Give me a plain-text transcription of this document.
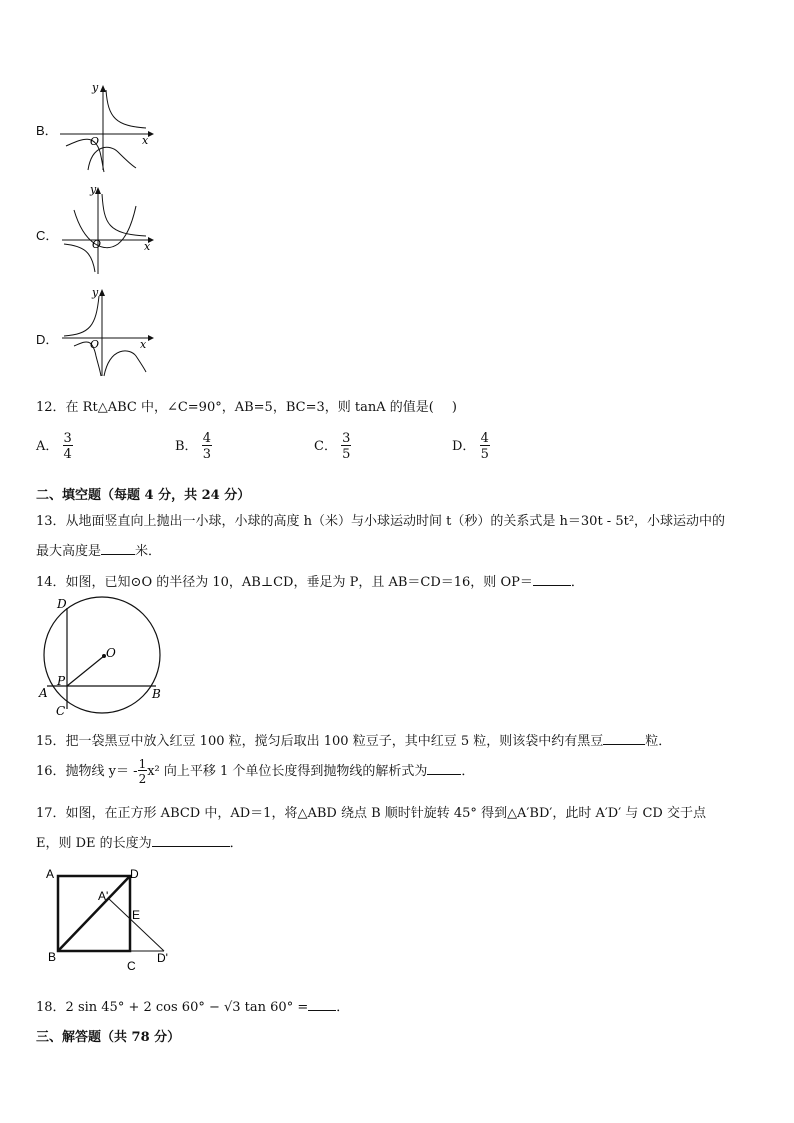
B．
y
x
O
C．
y
x
O
D．
y
x
O
12．在 Rt△ABC 中，∠C=90°，AB=5，BC=3，则 tanA 的值是( )
A． $\frac{3}{4}$	B． $\frac{4}{3}$	C． $\frac{3}{5}$	D． $\frac{4}{5}$
二、填空题（每题 4 分，共 24 分）
13．从地面竖直向上抛出一小球，小球的高度 h（米）与小球运动时间 t（秒）的关系式是 h＝30t - 5t²，小球运动中的
最大高度是	米．
14．如图，已知⊙O 的半径为 10，AB⊥CD，垂足为 P，且 AB＝CD＝16，则 OP＝	．
D
O
P
A	B
C
15．把一袋黑豆中放入红豆 100 粒，搅匀后取出 100 粒豆子，其中红豆 5 粒，则该袋中约有黑豆	粒．
16．抛物线 $y= - \frac{1}{2} x^2$ 向上平移 1 个单位长度得到抛物线的解析式为	．
17．如图，在正方形 ABCD 中，AD＝1，将△ABD 绕点 B 顺时针旋转 45° 得到△A′BD′，此时 A′D′ 与 CD 交于点
E，则 DE 的长度为	．
A	D
A'
E
B
C
D'
18．2 sin 45° + 2 cos 60° − √3 tan 60° = ．
三、解答题（共 78 分）
